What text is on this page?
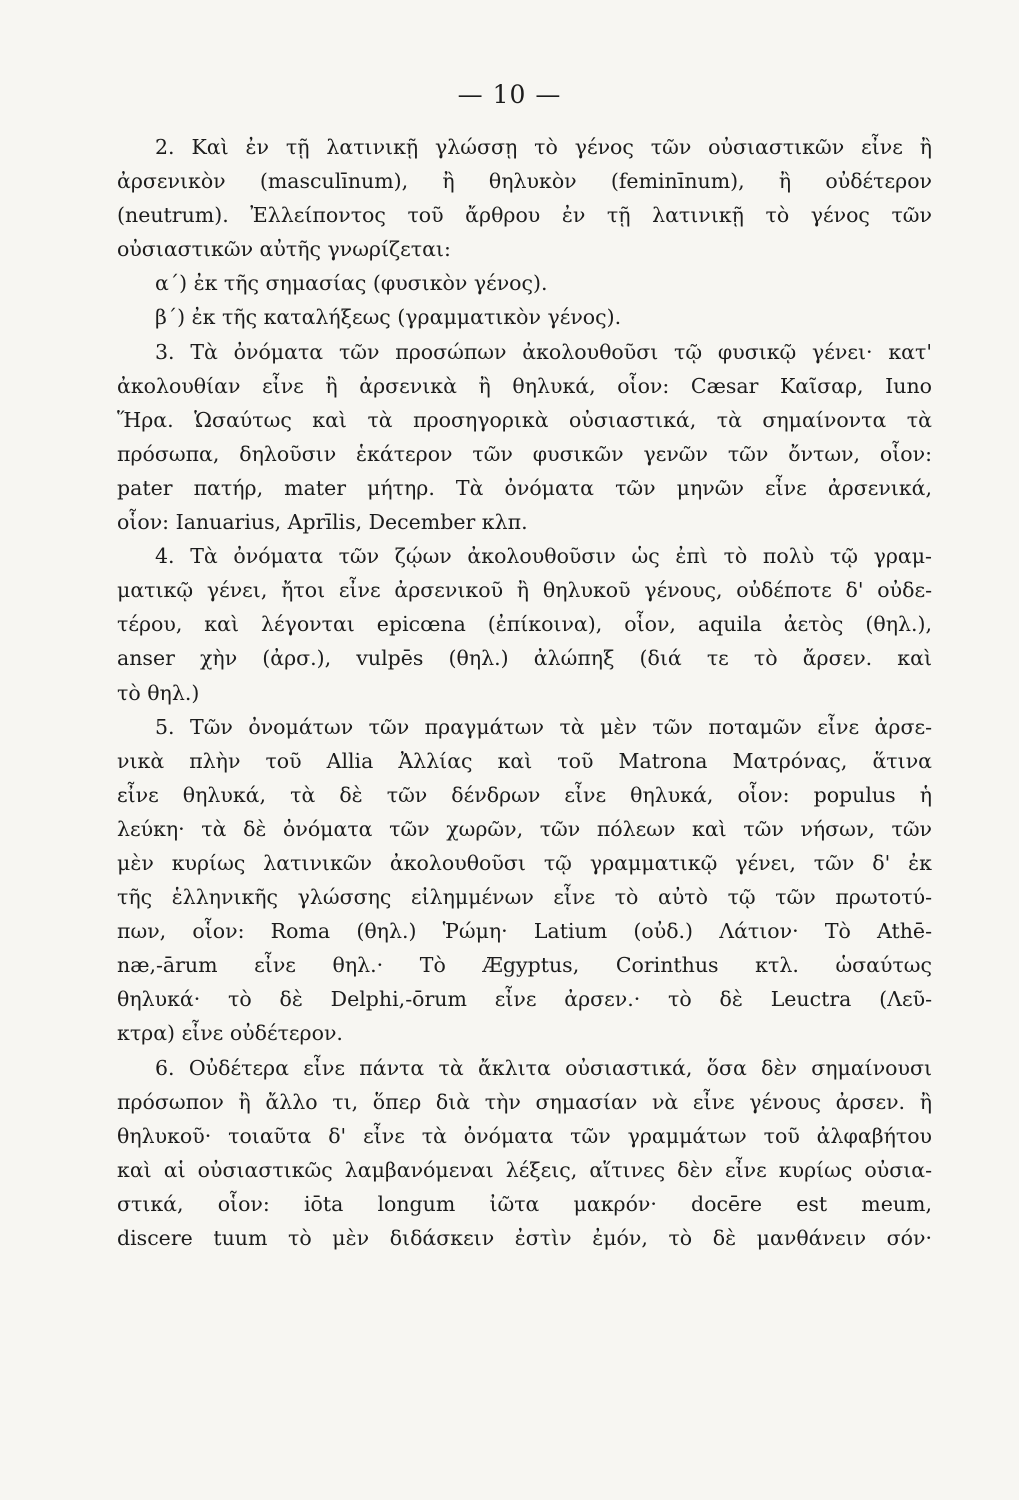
— 10 —
2. Καὶ ἐν τῇ λατινικῇ γλώσσῃ τὸ γένος τῶν οὐσιαστικῶν εἶνε ἢ
ἀρσενικὸν (masculīnum), ἢ θηλυκὸν (feminīnum), ἢ οὐδέτερον
(neutrum). Ἐλλείποντος τοῦ ἄρθρου ἐν τῇ λατινικῇ τὸ γένος τῶν
οὐσιαστικῶν αὐτῆς γνωρίζεται:
α΄) ἐκ τῆς σημασίας (φυσικὸν γένος).
β΄) ἐκ τῆς καταλήξεως (γραμματικὸν γένος).
3. Τὰ ὀνόματα τῶν προσώπων ἀκολουθοῦσι τῷ φυσικῷ γένει· κατ'
ἀκολουθίαν εἶνε ἢ ἀρσενικὰ ἢ θηλυκά, οἷον: Cæsar Καῖσαρ, Iuno
Ἥρα. Ὡσαύτως καὶ τὰ προσηγορικὰ οὐσιαστικά, τὰ σημαίνοντα τὰ
πρόσωπα, δηλοῦσιν ἑκάτερον τῶν φυσικῶν γενῶν τῶν ὄντων, οἷον:
pater πατήρ, mater μήτηρ. Τὰ ὀνόματα τῶν μηνῶν εἶνε ἀρσενικά,
οἷον: Ianuarius, Aprīlis, December κλπ.
4. Τὰ ὀνόματα τῶν ζῴων ἀκολουθοῦσιν ὡς ἐπὶ τὸ πολὺ τῷ γραμ-
ματικῷ γένει, ἤτοι εἶνε ἀρσενικοῦ ἢ θηλυκοῦ γένους, οὐδέποτε δ' οὐδε-
τέρου, καὶ λέγονται epicœna (ἐπίκοινα), οἷον, aquila ἀετὸς (θηλ.),
anser χὴν (ἀρσ.), vulpēs (θηλ.) ἀλώπηξ (διά τε τὸ ἄρσεν. καὶ
τὸ θηλ.)
5. Τῶν ὀνομάτων τῶν πραγμάτων τὰ μὲν τῶν ποταμῶν εἶνε ἀρσε-
νικὰ πλὴν τοῦ Allia Ἀλλίας καὶ τοῦ Matrona Ματρόνας, ἅτινα
εἶνε θηλυκά, τὰ δὲ τῶν δένδρων εἶνε θηλυκά, οἷον: populus ἡ
λεύκη· τὰ δὲ ὀνόματα τῶν χωρῶν, τῶν πόλεων καὶ τῶν νήσων, τῶν
μὲν κυρίως λατινικῶν ἀκολουθοῦσι τῷ γραμματικῷ γένει, τῶν δ' ἐκ
τῆς ἑλληνικῆς γλώσσης εἰλημμένων εἶνε τὸ αὐτὸ τῷ τῶν πρωτοτύ-
πων, οἷον: Roma (θηλ.) Ῥώμη· Latium (οὐδ.) Λάτιον· Τὸ Athē-
næ,-ārum εἶνε θηλ.· Τὸ Ægyptus, Corinthus κτλ. ὡσαύτως
θηλυκά· τὸ δὲ Delphi,-ōrum εἶνε ἀρσεν.· τὸ δὲ Leuctra (Λεῦ-
κτρα) εἶνε οὐδέτερον.
6. Οὐδέτερα εἶνε πάντα τὰ ἄκλιτα οὐσιαστικά, ὅσα δὲν σημαίνουσι
πρόσωπον ἢ ἄλλο τι, ὅπερ διὰ τὴν σημασίαν νὰ εἶνε γένους ἀρσεν. ἢ
θηλυκοῦ· τοιαῦτα δ' εἶνε τὰ ὀνόματα τῶν γραμμάτων τοῦ ἀλφαβήτου
καὶ αἱ οὐσιαστικῶς λαμβανόμεναι λέξεις, αἵτινες δὲν εἶνε κυρίως οὐσια-
στικά, οἷον: iōta longum ἰῶτα μακρόν· docēre est meum,
discere tuum τὸ μὲν διδάσκειν ἐστὶν ἐμόν, τὸ δὲ μανθάνειν σόν·
